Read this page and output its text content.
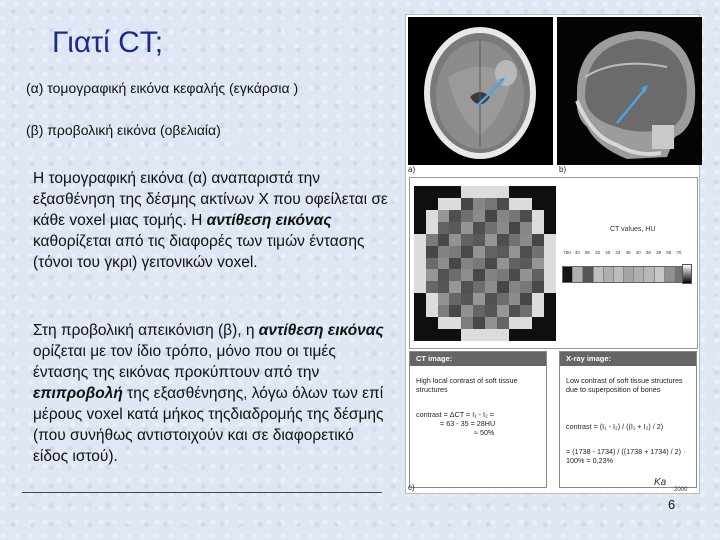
Γιατί CT;
(α) τομογραφική εικόνα κεφαλής (εγκάρσια )
(β) προβολική εικόνα (οβελιαία)
Η τομογραφική εικόνα (α) αναπαριστά την εξασθένηση της δέσμης ακτίνων Χ που οφείλεται σε κάθε voxel μιας τομής. Η αντίθεση εικόνας καθορίζεται από τις διαφορές των τιμών έντασης (τόνοι του γκρι) γειτονικών voxel.
Στη προβολική απεικόνιση (β), η αντίθεση εικόνας ορίζεται με τον ίδιο τρόπο, μόνο που οι τιμές έντασης της εικόνας προκύπτουν από την επιπροβολή της εξασθένησης, λόγω όλων των επί μέρους voxel κατά μήκος τηςδιαδρομής της δέσμης (που συνήθως αντιστοιχούν και σε διαφορετικό είδος ιστού).
6
a)	b)
CT values, HU
760 40	85	32	40	33	45	40	36	28	55	70
CT image:
High local contrast of soft tissue structures
contrast = ΔCT = I₁ - I₂ =
= 63 - 35 = 28HU
≈ 50%
X-ray image:
Low contrast of soft tissue structures due to superposition of bones
contrast = (I₁ - I₂) / ((I₁ + I₂) / 2)
= (1738 - 1734) / ((1738 + 1734) / 2) · 100% = 0,23%
c)	Ka
2000
